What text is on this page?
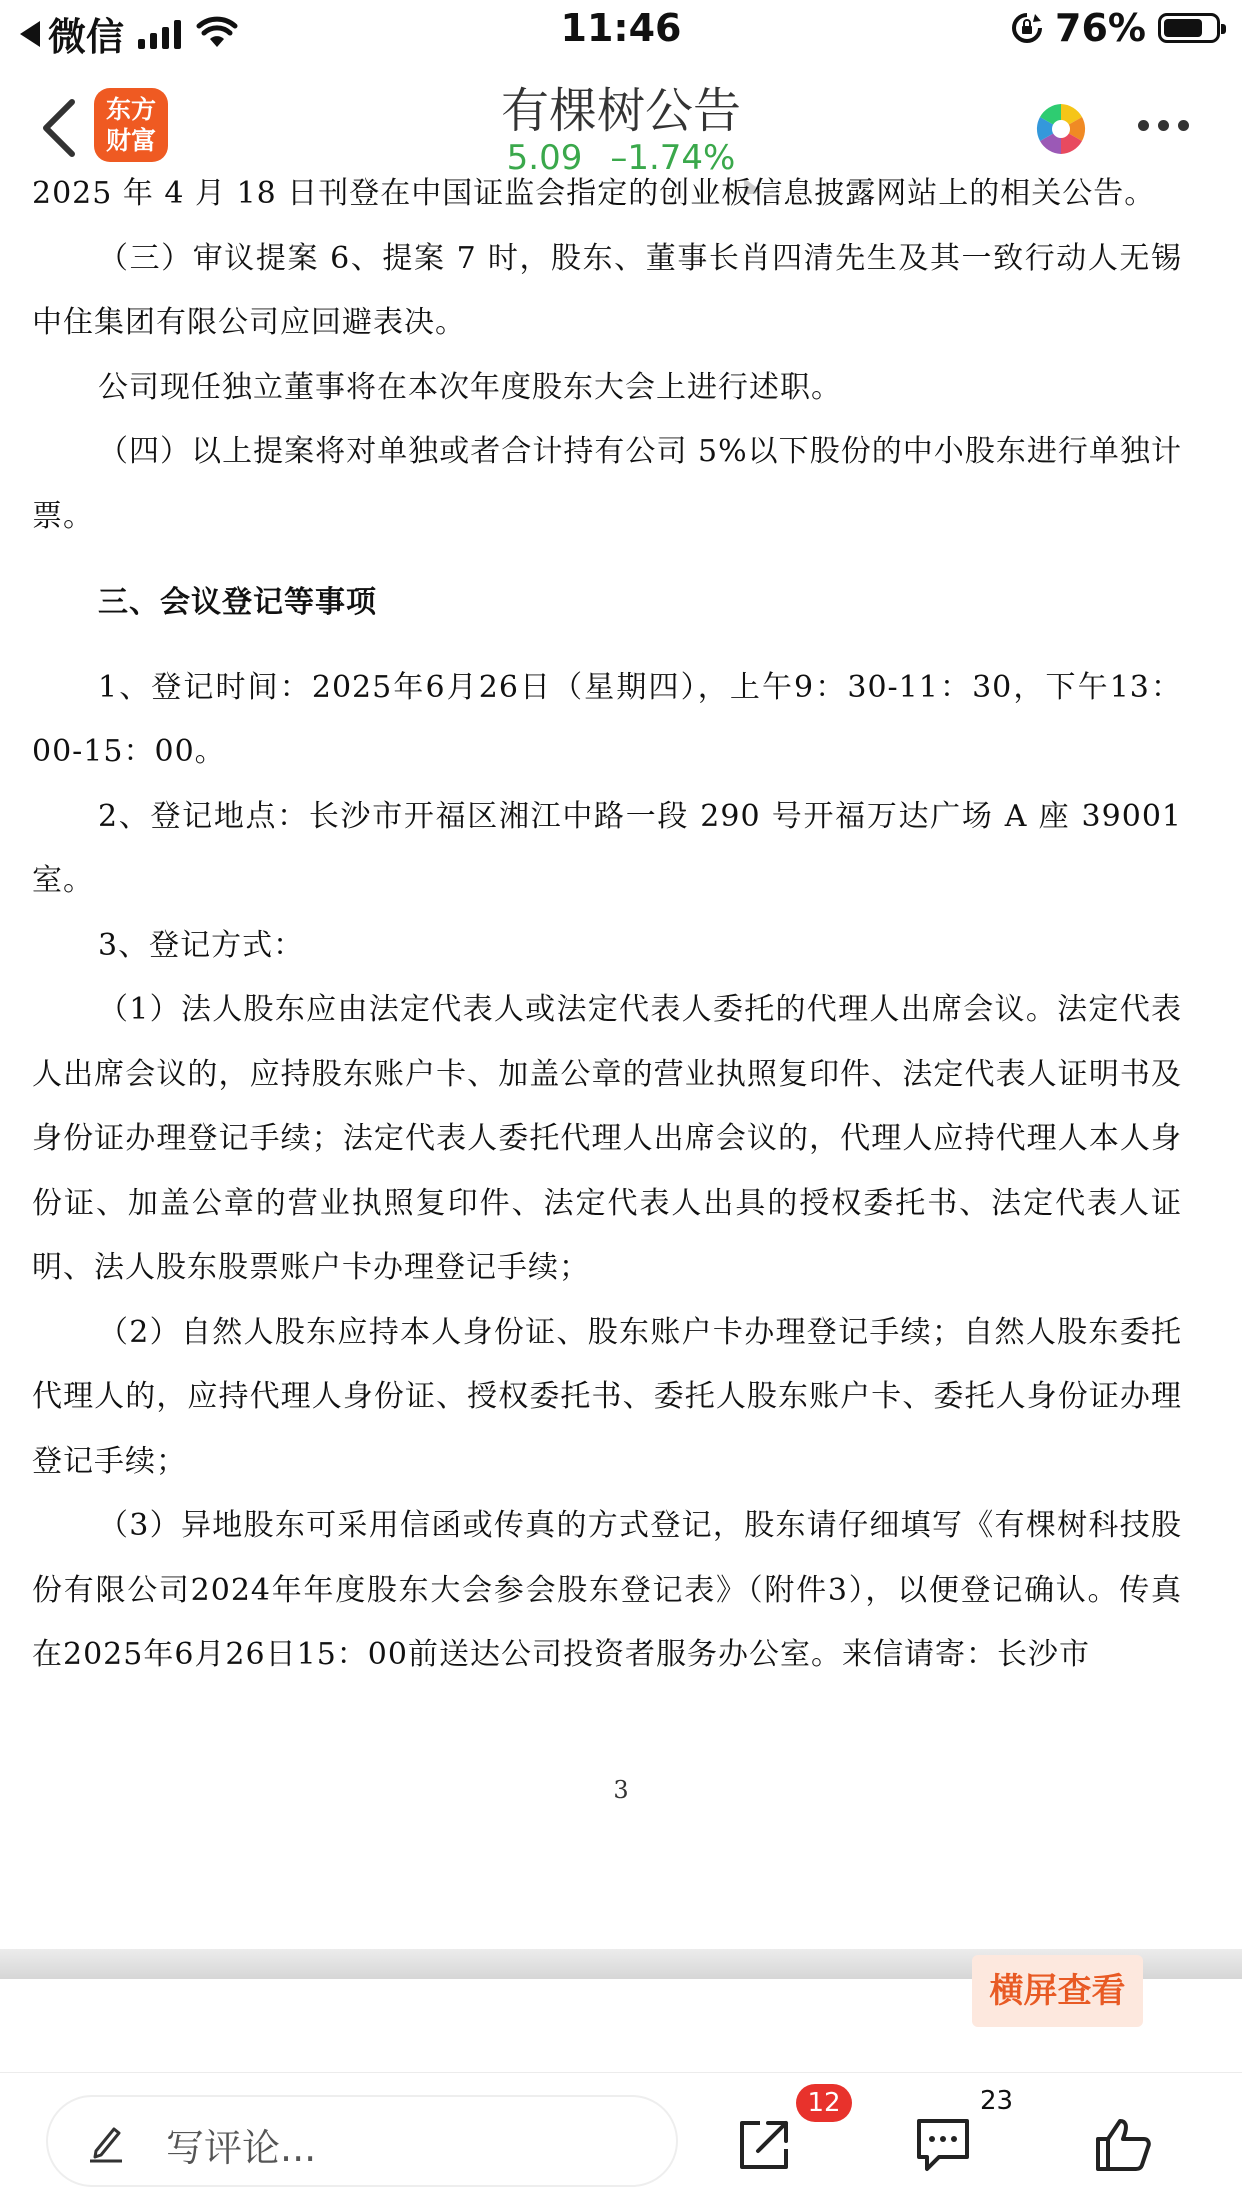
微信	11:46	76%
东方
财富
有棵树公告
5.09 –1.74%

2025 年 4 月 18 日刊登在中国证监会指定的创业板信息披露网站上的相关公告。

（三）审议提案 6、提案 7 时，股东、董事长肖四清先生及其一致行动人无锡中住集团有限公司应回避表决。

公司现任独立董事将在本次年度股东大会上进行述职。

（四）以上提案将对单独或者合计持有公司 5%以下股份的中小股东进行单独计票。

三、会议登记等事项

1、登记时间：2025年6月26日（星期四），上午9：30-11：30，下午13：00-15：00。

2、登记地点：长沙市开福区湘江中路一段 290 号开福万达广场 A 座 39001室。

3、登记方式：

（1）法人股东应由法定代表人或法定代表人委托的代理人出席会议。法定代表人出席会议的，应持股东账户卡、加盖公章的营业执照复印件、法定代表人证明书及身份证办理登记手续；法定代表人委托代理人出席会议的，代理人应持代理人本人身份证、加盖公章的营业执照复印件、法定代表人出具的授权委托书、法定代表人证明、法人股东股票账户卡办理登记手续；

（2）自然人股东应持本人身份证、股东账户卡办理登记手续；自然人股东委托代理人的，应持代理人身份证、授权委托书、委托人股东账户卡、委托人身份证办理登记手续；

（3）异地股东可采用信函或传真的方式登记，股东请仔细填写《有棵树科技股份有限公司2024年年度股东大会参会股东登记表》（附件3），以便登记确认。传真在2025年6月26日15：00前送达公司投资者服务办公室。来信请寄：长沙市

3
横屏查看
写评论...
12	23
